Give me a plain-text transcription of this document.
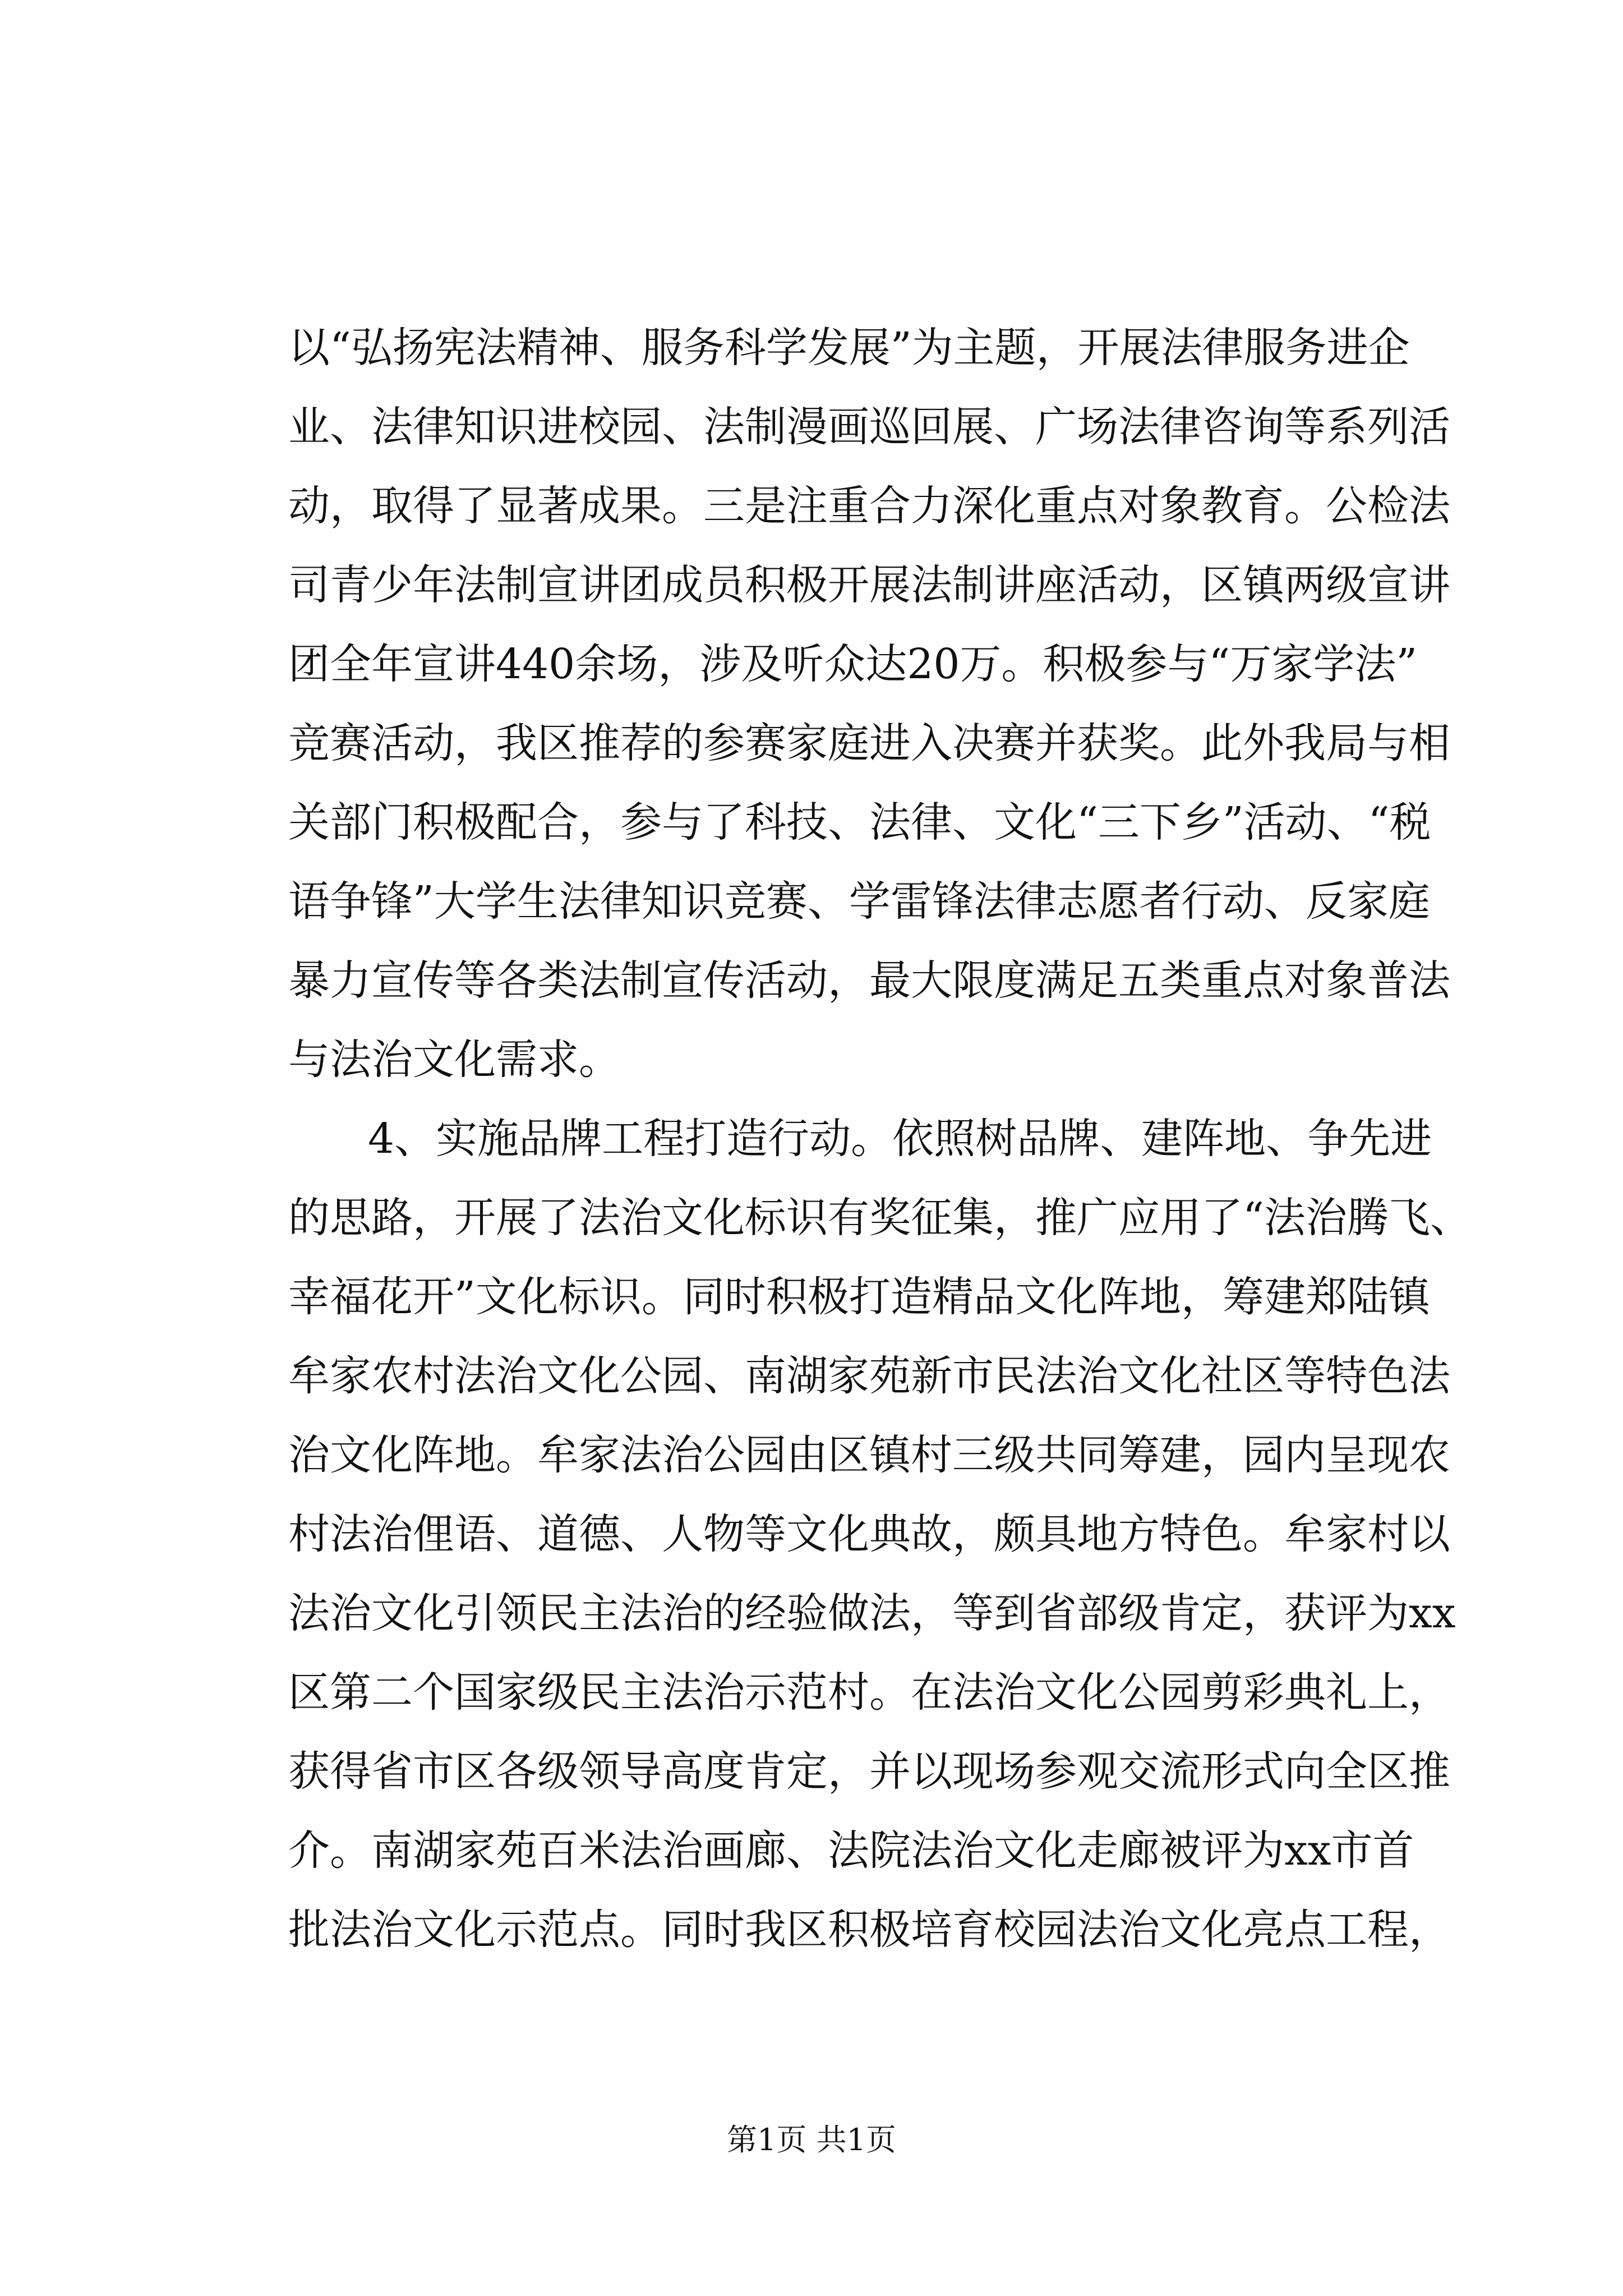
以“弘扬宪法精神、服务科学发展”为主题，开展法律服务进企

业、法律知识进校园、法制漫画巡回展、广场法律咨询等系列活

动，取得了显著成果。三是注重合力深化重点对象教育。公检法

司青少年法制宣讲团成员积极开展法制讲座活动，区镇两级宣讲

团全年宣讲440余场，涉及听众达20万。积极参与“万家学法”

竞赛活动，我区推荐的参赛家庭进入决赛并获奖。此外我局与相

关部门积极配合，参与了科技、法律、文化“三下乡”活动、“税

语争锋”大学生法律知识竞赛、学雷锋法律志愿者行动、反家庭

暴力宣传等各类法制宣传活动，最大限度满足五类重点对象普法

与法治文化需求。

4、实施品牌工程打造行动。依照树品牌、建阵地、争先进

的思路，开展了法治文化标识有奖征集，推广应用了“法治腾飞、

幸福花开”文化标识。同时积极打造精品文化阵地，筹建郑陆镇

牟家农村法治文化公园、南湖家苑新市民法治文化社区等特色法

治文化阵地。牟家法治公园由区镇村三级共同筹建，园内呈现农

村法治俚语、道德、人物等文化典故，颇具地方特色。牟家村以

法治文化引领民主法治的经验做法，等到省部级肯定，获评为xx

区第二个国家级民主法治示范村。在法治文化公园剪彩典礼上，

获得省市区各级领导高度肯定，并以现场参观交流形式向全区推

介。南湖家苑百米法治画廊、法院法治文化走廊被评为xx市首

批法治文化示范点。同时我区积极培育校园法治文化亮点工程，

第1页 共1页
